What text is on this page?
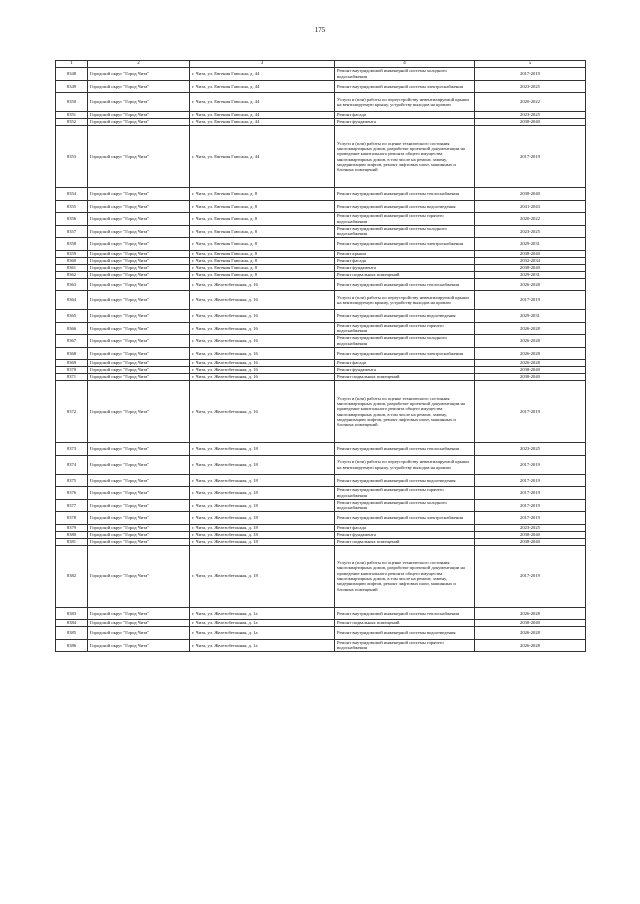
175
1	2	3	4	5
8348	Городской округ "Город Чита"	г. Чита, ул. Евгения Гаюсана, д. 44	Ремонт внутридомовой инженерной системы холодного водоснабжения	2017-2019
8349	Городской округ "Город Чита"	г. Чита, ул. Евгения Гаюсана, д. 44	Ремонт внутридомовой инженерной системы электроснабжения	2023-2025
8350	Городской округ "Город Чита"	г. Чита, ул. Евгения Гаюсана, д. 44	Услуги и (или) работы по переустройству невентилируемой крыши на вентилируемую крышу, устройству выходов на кровлю	2020-2022
8351	Городской округ "Город Чита"	г. Чита, ул. Евгения Гаюсана, д. 44	Ремонт фасада	2023-2025
8352	Городской округ "Город Чита"	г. Чита, ул. Евгения Гаюсана, д. 44	Ремонт фундамента	2038-2040
8353	Городской округ "Город Чита"	г. Чита, ул. Евгения Гаюсана, д. 44	Услуги и (или) работы по оценке технического состояния многоквартирных домов, разработке проектной документации на проведение капитального ремонта общего имущества многоквартирных домов, в том числе на ремонт, замену, модернизацию лифтов, ремонт лифтовых шахт, машинных и блочных помещений	2017-2019
8354	Городской округ "Город Чита"	г. Чита, ул. Евгения Гаюсана, д. 8	Ремонт внутридомовой инженерной системы теплоснабжения	2038-2040
8355	Городской округ "Город Чита"	г. Чита, ул. Евгения Гаюсана, д. 8	Ремонт внутридомовой инженерной системы водоотведения	2041-2043
8356	Городской округ "Город Чита"	г. Чита, ул. Евгения Гаюсана, д. 8	Ремонт внутридомовой инженерной системы горячего водоснабжения	2020-2022
8357	Городской округ "Город Чита"	г. Чита, ул. Евгения Гаюсана, д. 8	Ремонт внутридомовой инженерной системы холодного водоснабжения	2023-2025
8358	Городской округ "Город Чита"	г. Чита, ул. Евгения Гаюсана, д. 8	Ремонт внутридомовой инженерной системы электроснабжения	2029-2031
8359	Городской округ "Город Чита"	г. Чита, ул. Евгения Гаюсана, д. 8	Ремонт крыши	2038-2040
8360	Городской округ "Город Чита"	г. Чита, ул. Евгения Гаюсана, д. 8	Ремонт фасада	2032-2034
8361	Городской округ "Город Чита"	г. Чита, ул. Евгения Гаюсана, д. 8	Ремонт фундамента	2038-2040
8362	Городской округ "Город Чита"	г. Чита, ул. Евгения Гаюсана, д. 8	Ремонт подвальных помещений	2029-2031
8363	Городской округ "Город Чита"	г. Чита, ул. Железобетонная, д. 16	Ремонт внутридомовой инженерной системы теплоснабжения	2026-2028
8364	Городской округ "Город Чита"	г. Чита, ул. Железобетонная, д. 16	Услуги и (или) работы по переустройству невентилируемой крыши на вентилируемую крышу, устройству выходов на кровлю	2017-2019
8365	Городской округ "Город Чита"	г. Чита, ул. Железобетонная, д. 16	Ремонт внутридомовой инженерной системы водоотведения	2029-2031
8366	Городской округ "Город Чита"	г. Чита, ул. Железобетонная, д. 16	Ремонт внутридомовой инженерной системы горячего водоснабжения	2026-2028
8367	Городской округ "Город Чита"	г. Чита, ул. Железобетонная, д. 16	Ремонт внутридомовой инженерной системы холодного водоснабжения	2026-2028
8368	Городской округ "Город Чита"	г. Чита, ул. Железобетонная, д. 16	Ремонт внутридомовой инженерной системы электроснабжения	2026-2028
8369	Городской округ "Город Чита"	г. Чита, ул. Железобетонная, д. 16	Ремонт фасада	2026-2028
8370	Городской округ "Город Чита"	г. Чита, ул. Железобетонная, д. 16	Ремонт фундамента	2038-2040
8371	Городской округ "Город Чита"	г. Чита, ул. Железобетонная, д. 16	Ремонт подвальных помещений	2038-2040
8372	Городской округ "Город Чита"	г. Чита, ул. Железобетонная, д. 16	Услуги и (или) работы по оценке технического состояния многоквартирных домов, разработке проектной документации на проведение капитального ремонта общего имущества многоквартирных домов, в том числе на ремонт, замену, модернизацию лифтов, ремонт лифтовых шахт, машинных и блочных помещений	2017-2019
8373	Городской округ "Город Чита"	г. Чита, ул. Железобетонная, д. 18	Ремонт внутридомовой инженерной системы теплоснабжения	2023-2025
8374	Городской округ "Город Чита"	г. Чита, ул. Железобетонная, д. 18	Услуги и (или) работы по переустройству невентилируемой крыши на вентилируемую крышу, устройству выходов на кровлю	2017-2019
8375	Городской округ "Город Чита"	г. Чита, ул. Железобетонная, д. 18	Ремонт внутридомовой инженерной системы водоотведения	2017-2019
8376	Городской округ "Город Чита"	г. Чита, ул. Железобетонная, д. 18	Ремонт внутридомовой инженерной системы горячего водоснабжения	2017-2019
8377	Городской округ "Город Чита"	г. Чита, ул. Железобетонная, д. 18	Ремонт внутридомовой инженерной системы холодного водоснабжения	2017-2019
8378	Городской округ "Город Чита"	г. Чита, ул. Железобетонная, д. 18	Ремонт внутридомовой инженерной системы электроснабжения	2017-2019
8379	Городской округ "Город Чита"	г. Чита, ул. Железобетонная, д. 18	Ремонт фасада	2023-2025
8380	Городской округ "Город Чита"	г. Чита, ул. Железобетонная, д. 18	Ремонт фундамента	2038-2040
8381	Городской округ "Город Чита"	г. Чита, ул. Железобетонная, д. 18	Ремонт подвальных помещений	2038-2040
8382	Городской округ "Город Чита"	г. Чита, ул. Железобетонная, д. 18	Услуги и (или) работы по оценке технического состояния многоквартирных домов, разработке проектной документации на проведение капитального ремонта общего имущества многоквартирных домов, в том числе на ремонт, замену, модернизацию лифтов, ремонт лифтовых шахт, машинных и блочных помещений	2017-2019
8383	Городской округ "Город Чита"	г. Чита, ул. Железобетонная, д. 1а	Ремонт внутридомовой инженерной системы теплоснабжения	2026-2028
8384	Городской округ "Город Чита"	г. Чита, ул. Железобетонная, д. 1а	Ремонт подвальных помещений	2038-2040
8385	Городской округ "Город Чита"	г. Чита, ул. Железобетонная, д. 1а	Ремонт внутридомовой инженерной системы водоотведения	2026-2028
8386	Городской округ "Город Чита"	г. Чита, ул. Железобетонная, д. 1а	Ремонт внутридомовой инженерной системы горячего водоснабжения	2026-2028
